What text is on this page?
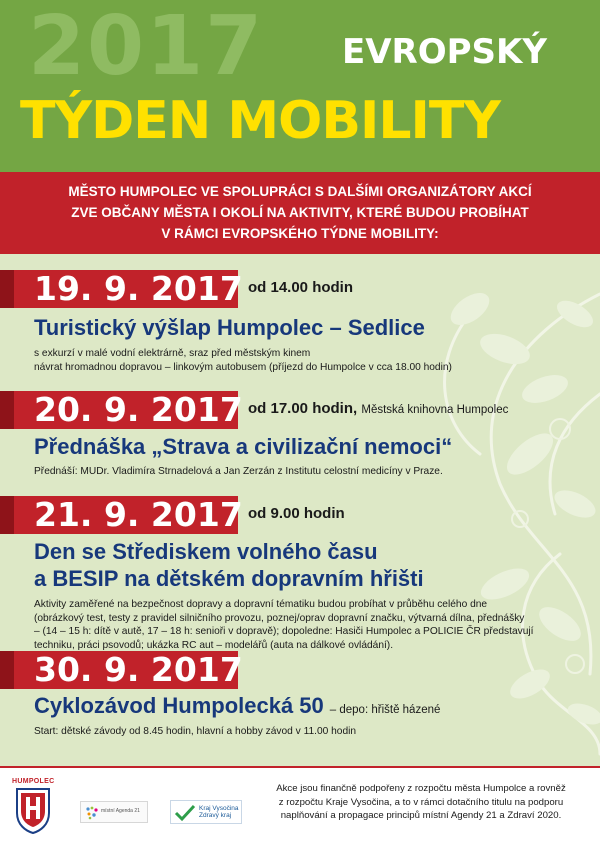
2017 EVROPSKÝ
TÝDEN MOBILITY
MĚSTO HUMPOLEC VE SPOLUPRÁCI S DALŠÍMI ORGANIZÁTORY AKCÍ
ZVE OBČANY MĚSTA I OKOLÍ NA AKTIVITY, KTERÉ BUDOU PROBÍHAT
V RÁMCI EVROPSKÉHO TÝDNE MOBILITY:
19. 9. 2017 od 14.00 hodin
Turistický výšlap Humpolec – Sedlice
s exkurzí v malé vodní elektrárně, sraz před městským kinem
návrat hromadnou dopravou – linkovým autobusem (příjezd do Humpolce v cca 18.00 hodin)
20. 9. 2017 od 17.00 hodin, Městská knihovna Humpolec
Přednáška „Strava a civilizační nemoci“
Přednáší: MUDr. Vladimíra Strnadelová a Jan Zerzán z Institutu celostní medicíny v Praze.
21. 9. 2017 od 9.00 hodin
Den se Střediskem volného času
a BESIP na dětském dopravním hřišti
Aktivity zaměřené na bezpečnost dopravy a dopravní tématiku budou probíhat v průběhu celého dne
(obrázkový test, testy z pravidel silničního provozu, poznej/oprav dopravní značku, výtvarná dílna, přednášky
– (14 – 15 h: dítě v autě, 17 – 18 h: senioři v dopravě); dopoledne: Hasiči Humpolec a POLICIE ČR představují
techniku, práci psovodů; ukázka RC aut – modelářů (auta na dálkové ovládání).
30. 9. 2017
Cyklozávod Humpolecká 50 – depo: hřiště házené
Start: dětské závody od 8.45 hodin, hlavní a hobby závod v 11.00 hodin
HUMPOLEC
místní Agenda 21	Kraj Vysočina
Zdravý kraj
Akce jsou finančně podpořeny z rozpočtu města Humpolce a rovněž
z rozpočtu Kraje Vysočina, a to v rámci dotačního titulu na podporu
naplňování a propagace principů místní Agendy 21 a Zdraví 2020.
